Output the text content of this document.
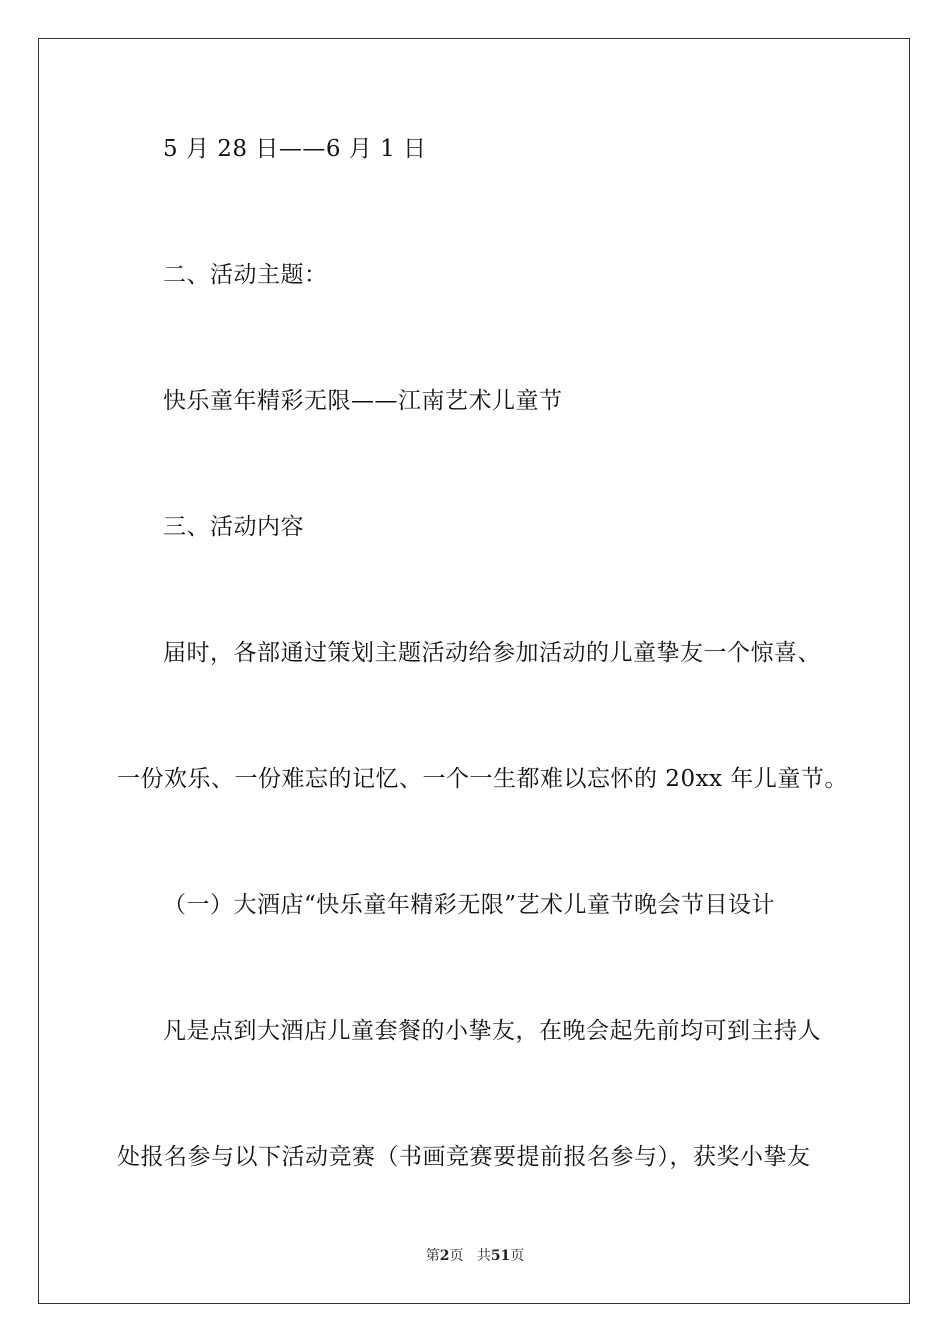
5 月 28 日——6 月 1 日
二、活动主题：
快乐童年精彩无限——江南艺术儿童节
三、活动内容
届时，各部通过策划主题活动给参加活动的儿童挚友一个惊喜、
一份欢乐、一份难忘的记忆、一个一生都难以忘怀的 20xx 年儿童节。
（一）大酒店“快乐童年精彩无限”艺术儿童节晚会节目设计
凡是点到大酒店儿童套餐的小挚友，在晚会起先前均可到主持人
处报名参与以下活动竞赛（书画竞赛要提前报名参与），获奖小挚友
第2页 共51页
